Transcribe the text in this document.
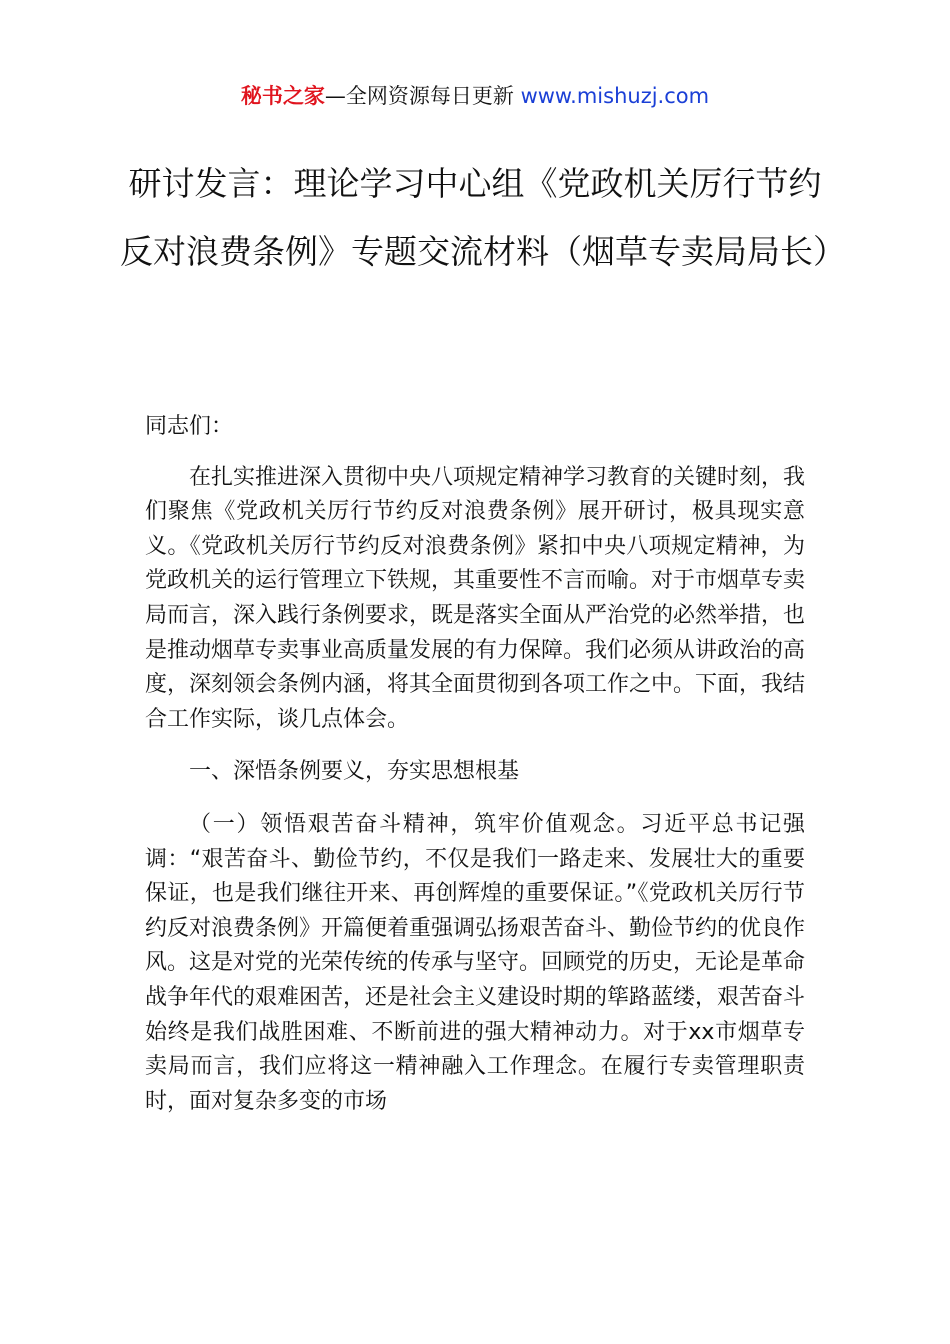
秘书之家—全网资源每日更新 www.mishuzj.com
研讨发言：理论学习中心组《党政机关厉行节约反对浪费条例》专题交流材料（烟草专卖局局长）

同志们：

在扎实推进深入贯彻中央八项规定精神学习教育的关键时刻，我们聚焦《党政机关厉行节约反对浪费条例》展开研讨，极具现实意义。《党政机关厉行节约反对浪费条例》紧扣中央八项规定精神，为党政机关的运行管理立下铁规，其重要性不言而喻。对于市烟草专卖局而言，深入践行条例要求，既是落实全面从严治党的必然举措，也是推动烟草专卖事业高质量发展的有力保障。我们必须从讲政治的高度，深刻领会条例内涵，将其全面贯彻到各项工作之中。下面，我结合工作实际，谈几点体会。

一、深悟条例要义，夯实思想根基

（一）领悟艰苦奋斗精神，筑牢价值观念。习近平总书记强调：“艰苦奋斗、勤俭节约，不仅是我们一路走来、发展壮大的重要保证，也是我们继往开来、再创辉煌的重要保证。”《党政机关厉行节约反对浪费条例》开篇便着重强调弘扬艰苦奋斗、勤俭节约的优良作风。这是对党的光荣传统的传承与坚守。回顾党的历史，无论是革命战争年代的艰难困苦，还是社会主义建设时期的筚路蓝缕，艰苦奋斗始终是我们战胜困难、不断前进的强大精神动力。对于xx市烟草专卖局而言，我们应将这一精神融入工作理念。在履行专卖管理职责时，面对复杂多变的市场
